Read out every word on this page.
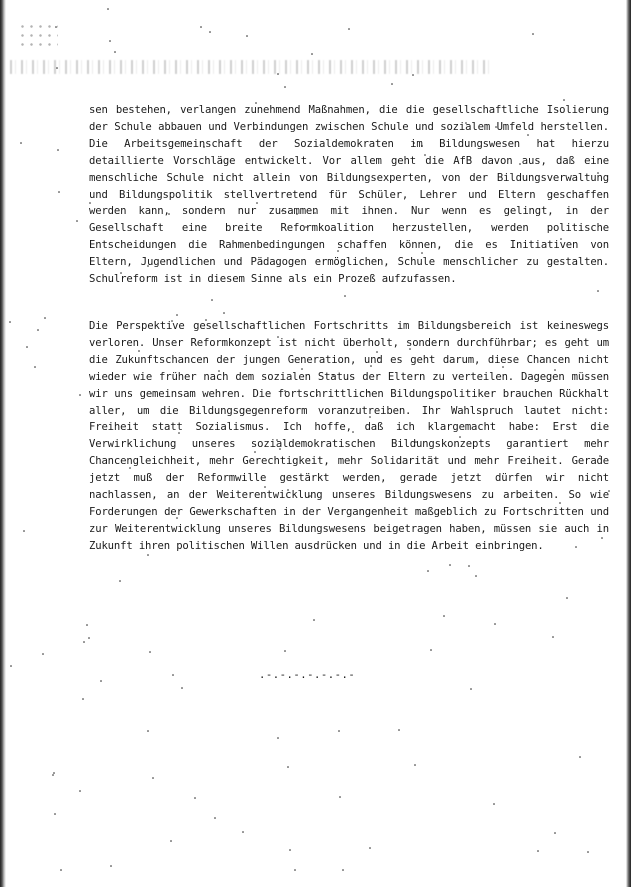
sen bestehen, verlangen zunehmend Maßnahmen, die die gesellschaftliche Isolierung der Schule abbauen und Verbindungen zwischen Schule und sozialem Umfeld herstellen. Die Arbeitsgemeinschaft der Sozialdemokraten im Bildungswesen hat hierzu detaillierte Vorschläge entwickelt. Vor allem geht die AfB davon aus, daß eine menschliche Schule nicht allein von Bildungsexperten, von der Bildungsverwaltung und Bildungspolitik stellvertretend für Schüler, Lehrer und Eltern geschaffen werden kann, sondern nur zusammen mit ihnen. Nur wenn es gelingt, in der Gesellschaft eine breite Reformkoalition herzustellen, werden politische Entscheidungen die Rahmenbedingungen schaffen können, die es Initiativen von Eltern, Jugendlichen und Pädagogen ermöglichen, Schule menschlicher zu gestalten. Schulreform ist in diesem Sinne als ein Prozeß aufzufassen.

Die Perspektive gesellschaftlichen Fortschritts im Bildungsbereich ist keineswegs verloren. Unser Reformkonzept ist nicht überholt, sondern durchführbar; es geht um die Zukunftschancen der jungen Generation, und es geht darum, diese Chancen nicht wieder wie früher nach dem sozialen Status der Eltern zu verteilen. Dagegen müssen wir uns gemeinsam wehren. Die fortschrittlichen Bildungspolitiker brauchen Rückhalt aller, um die Bildungsgegenreform voranzutreiben. Ihr Wahlspruch lautet nicht: Freiheit statt Sozialismus. Ich hoffe, daß ich klargemacht habe: Erst die Verwirklichung unseres sozialdemokratischen Bildungskonzepts garantiert mehr Chancengleichheit, mehr Gerechtigkeit, mehr Solidarität und mehr Freiheit. Gerade jetzt muß der Reformwille gestärkt werden, gerade jetzt dürfen wir nicht nachlassen, an der Weiterentwicklung unseres Bildungswesens zu arbeiten. So wie Forderungen der Gewerkschaften in der Vergangenheit maßgeblich zu Fortschritten und zur Weiterentwicklung unseres Bildungswesens beigetragen haben, müssen sie auch in Zukunft ihren politischen Willen ausdrücken und in die Arbeit einbringen.

.-.-.-.-.-.-.-
